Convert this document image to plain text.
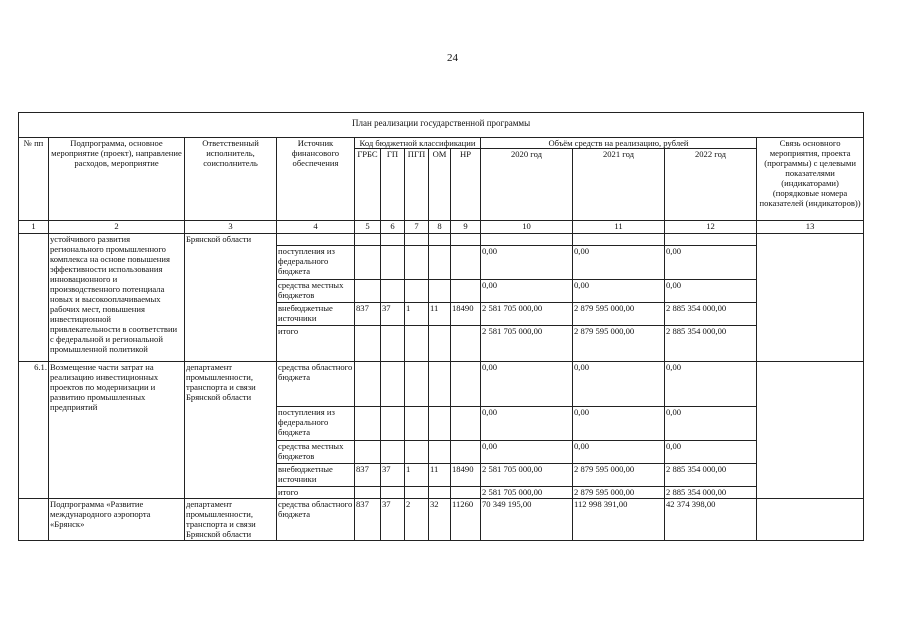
24
План реализации государственной программы												
№ пп	Подпрограмма, основное мероприятие (проект), направление расходов, мероприятие	Ответственный исполнитель, соисполнитель	Источник финансового обеспечения	Код бюджетной классификации					Объём средств на реализацию, рублей			Связь основного мероприятия, проекта (программы) с целевыми показателями (индикаторами) (порядковые номера показателей (индикаторов))
				ГРБС	ГП	ПГП	ОМ	НР	2020 год	2021 год	2022 год	
1	2	3	4	5	6	7	8	9	10	11	12	13
	устойчивого развития регионального промышленного комплекса на основе повышения эффективности использования инновационного и производственного потенциала новых и высокооплачиваемых рабочих мест, повышения инвестиционной привлекательности в соответствии с федеральной и региональной промышленной политикой	Брянской области										
			поступления из федерального бюджета						0,00	0,00	0,00	
			средства местных бюджетов						0,00	0,00	0,00	
			внебюджетные источники	837	37	1	11	18490	2 581 705 000,00	2 879 595 000,00	2 885 354 000,00	
			итого						2 581 705 000,00	2 879 595 000,00	2 885 354 000,00	
6.1.	Возмещение части затрат на реализацию инвестиционных проектов по модернизации и развитию промышленных предприятий	департамент промышленности, транспорта и связи Брянской области	средства областного бюджета						0,00	0,00	0,00	
			поступления из федерального бюджета						0,00	0,00	0,00	
			средства местных бюджетов						0,00	0,00	0,00	
			внебюджетные источники	837	37	1	11	18490	2 581 705 000,00	2 879 595 000,00	2 885 354 000,00	
			итого						2 581 705 000,00	2 879 595 000,00	2 885 354 000,00	
	Подпрограмма «Развитие международного аэропорта «Брянск»	департамент промышленности, транспорта и связи Брянской области	средства областного бюджета	837	37	2	32	11260	70 349 195,00	112 998 391,00	42 374 398,00	
